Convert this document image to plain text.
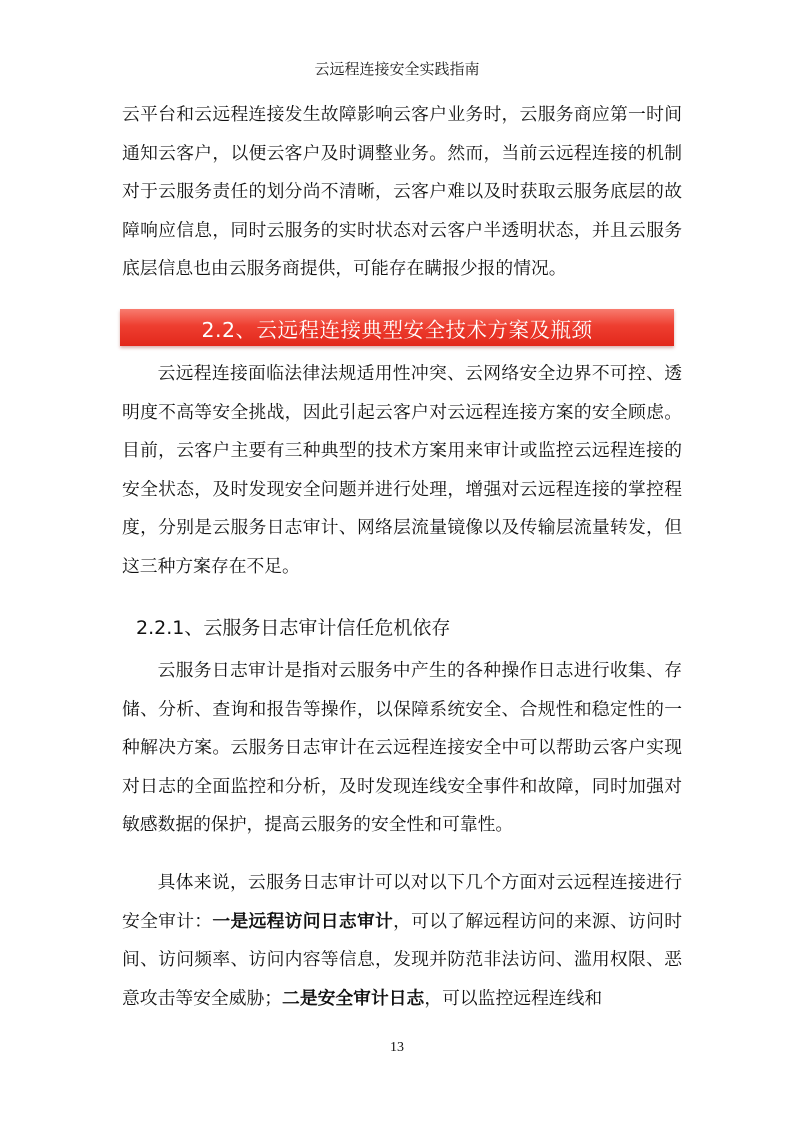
云远程连接安全实践指南

云平台和云远程连接发生故障影响云客户业务时，云服务商应第一时间通知云客户，以便云客户及时调整业务。然而，当前云远程连接的机制对于云服务责任的划分尚不清晰，云客户难以及时获取云服务底层的故障响应信息，同时云服务的实时状态对云客户半透明状态，并且云服务底层信息也由云服务商提供，可能存在瞒报少报的情况。

2.2、云远程连接典型安全技术方案及瓶颈

云远程连接面临法律法规适用性冲突、云网络安全边界不可控、透明度不高等安全挑战，因此引起云客户对云远程连接方案的安全顾虑。目前，云客户主要有三种典型的技术方案用来审计或监控云远程连接的安全状态，及时发现安全问题并进行处理，增强对云远程连接的掌控程度，分别是云服务日志审计、网络层流量镜像以及传输层流量转发，但这三种方案存在不足。

2.2.1、云服务日志审计信任危机依存

云服务日志审计是指对云服务中产生的各种操作日志进行收集、存储、分析、查询和报告等操作，以保障系统安全、合规性和稳定性的一种解决方案。云服务日志审计在云远程连接安全中可以帮助云客户实现对日志的全面监控和分析，及时发现连线安全事件和故障，同时加强对敏感数据的保护，提高云服务的安全性和可靠性。

具体来说，云服务日志审计可以对以下几个方面对云远程连接进行安全审计：一是远程访问日志审计，可以了解远程访问的来源、访问时间、访问频率、访问内容等信息，发现并防范非法访问、滥用权限、恶意攻击等安全威胁；二是安全审计日志，可以监控远程连线和

13
